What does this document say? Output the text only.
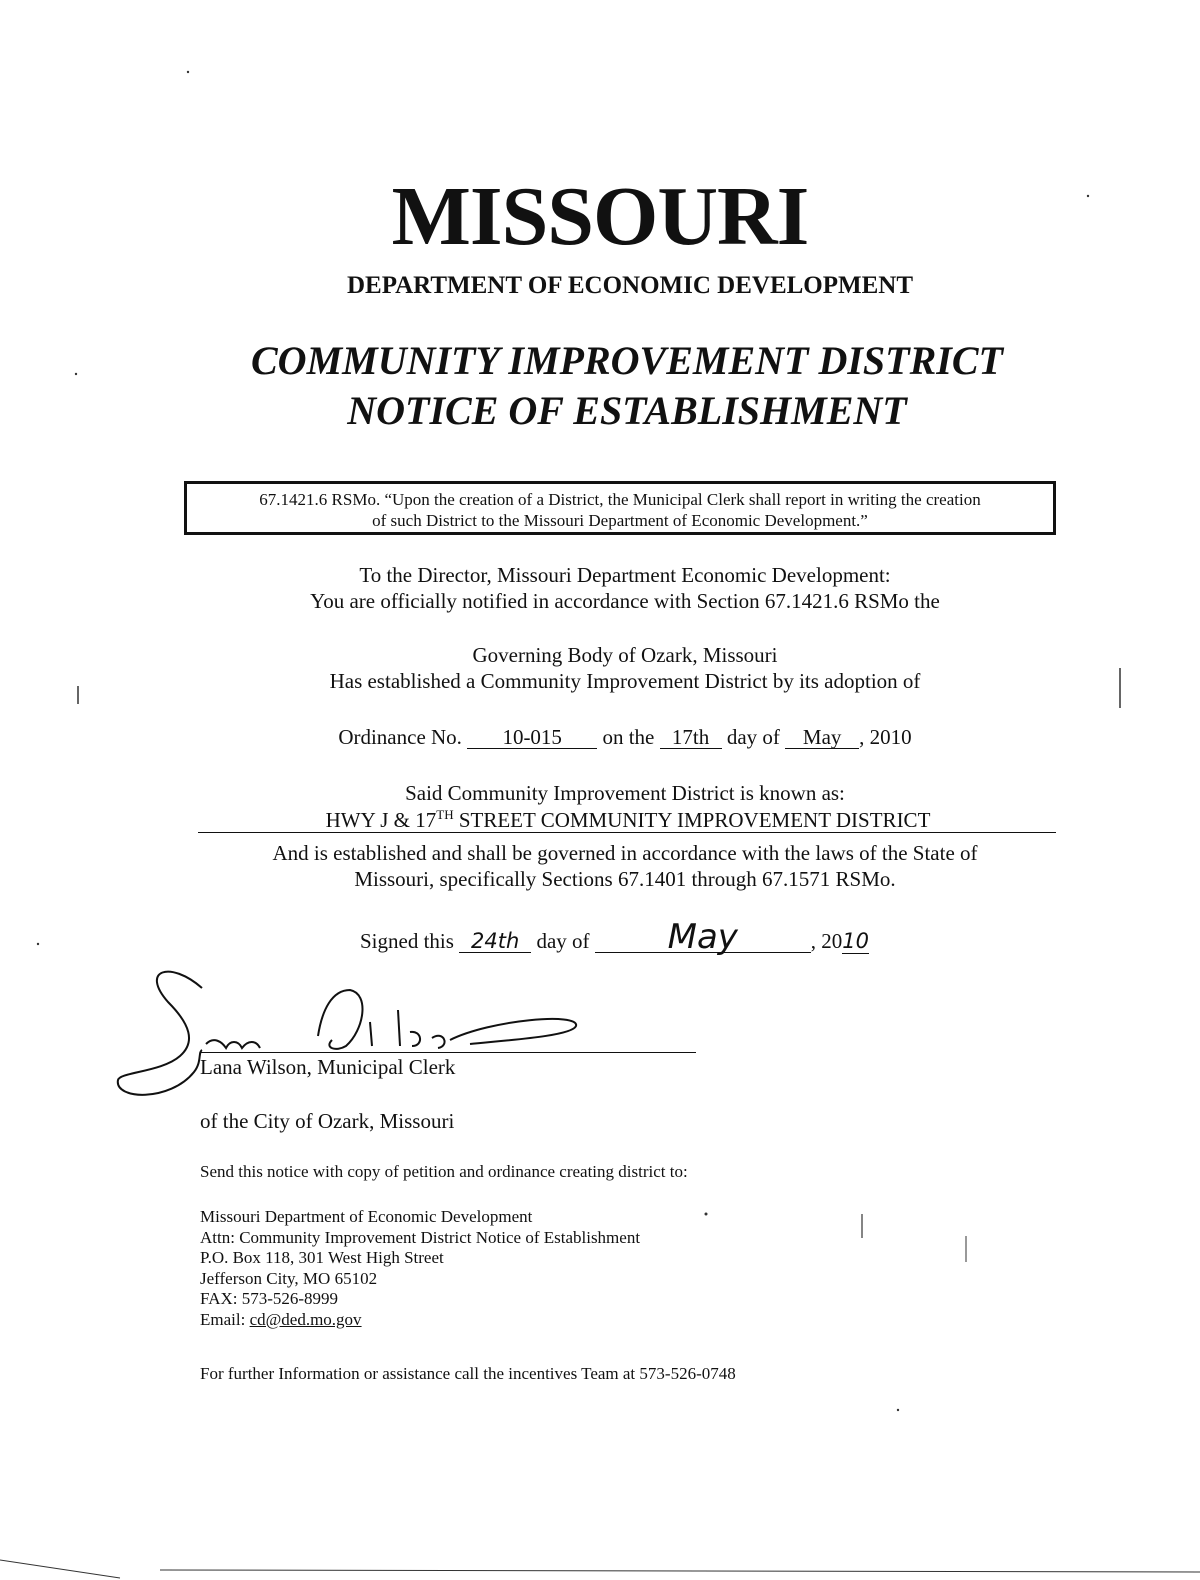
MISSOURI
DEPARTMENT OF ECONOMIC DEVELOPMENT
COMMUNITY IMPROVEMENT DISTRICT
NOTICE OF ESTABLISHMENT
67.1421.6 RSMo. “Upon the creation of a District, the Municipal Clerk shall report in writing the creation
of such District to the Missouri Department of Economic Development.”
To the Director, Missouri Department Economic Development:
You are officially notified in accordance with Section 67.1421.6 RSMo the
Governing Body of Ozark, Missouri
Has established a Community Improvement District by its adoption of
Ordinance No. 10-015 on the 17th day of May , 2010
Said Community Improvement District is known as:
HWY J & 17TH STREET COMMUNITY IMPROVEMENT DISTRICT
And is established and shall be governed in accordance with the laws of the State of
Missouri, specifically Sections 67.1401 through 67.1571 RSMo.
Signed this 24th day of May	, 2010
Lana Wilson, Municipal Clerk
of the City of Ozark, Missouri
Send this notice with copy of petition and ordinance creating district to:
Missouri Department of Economic Development
Attn: Community Improvement District Notice of Establishment
P.O. Box 118, 301 West High Street
Jefferson City, MO 65102
FAX: 573-526-8999
Email: cd@ded.mo.gov
For further Information or assistance call the incentives Team at 573-526-0748
